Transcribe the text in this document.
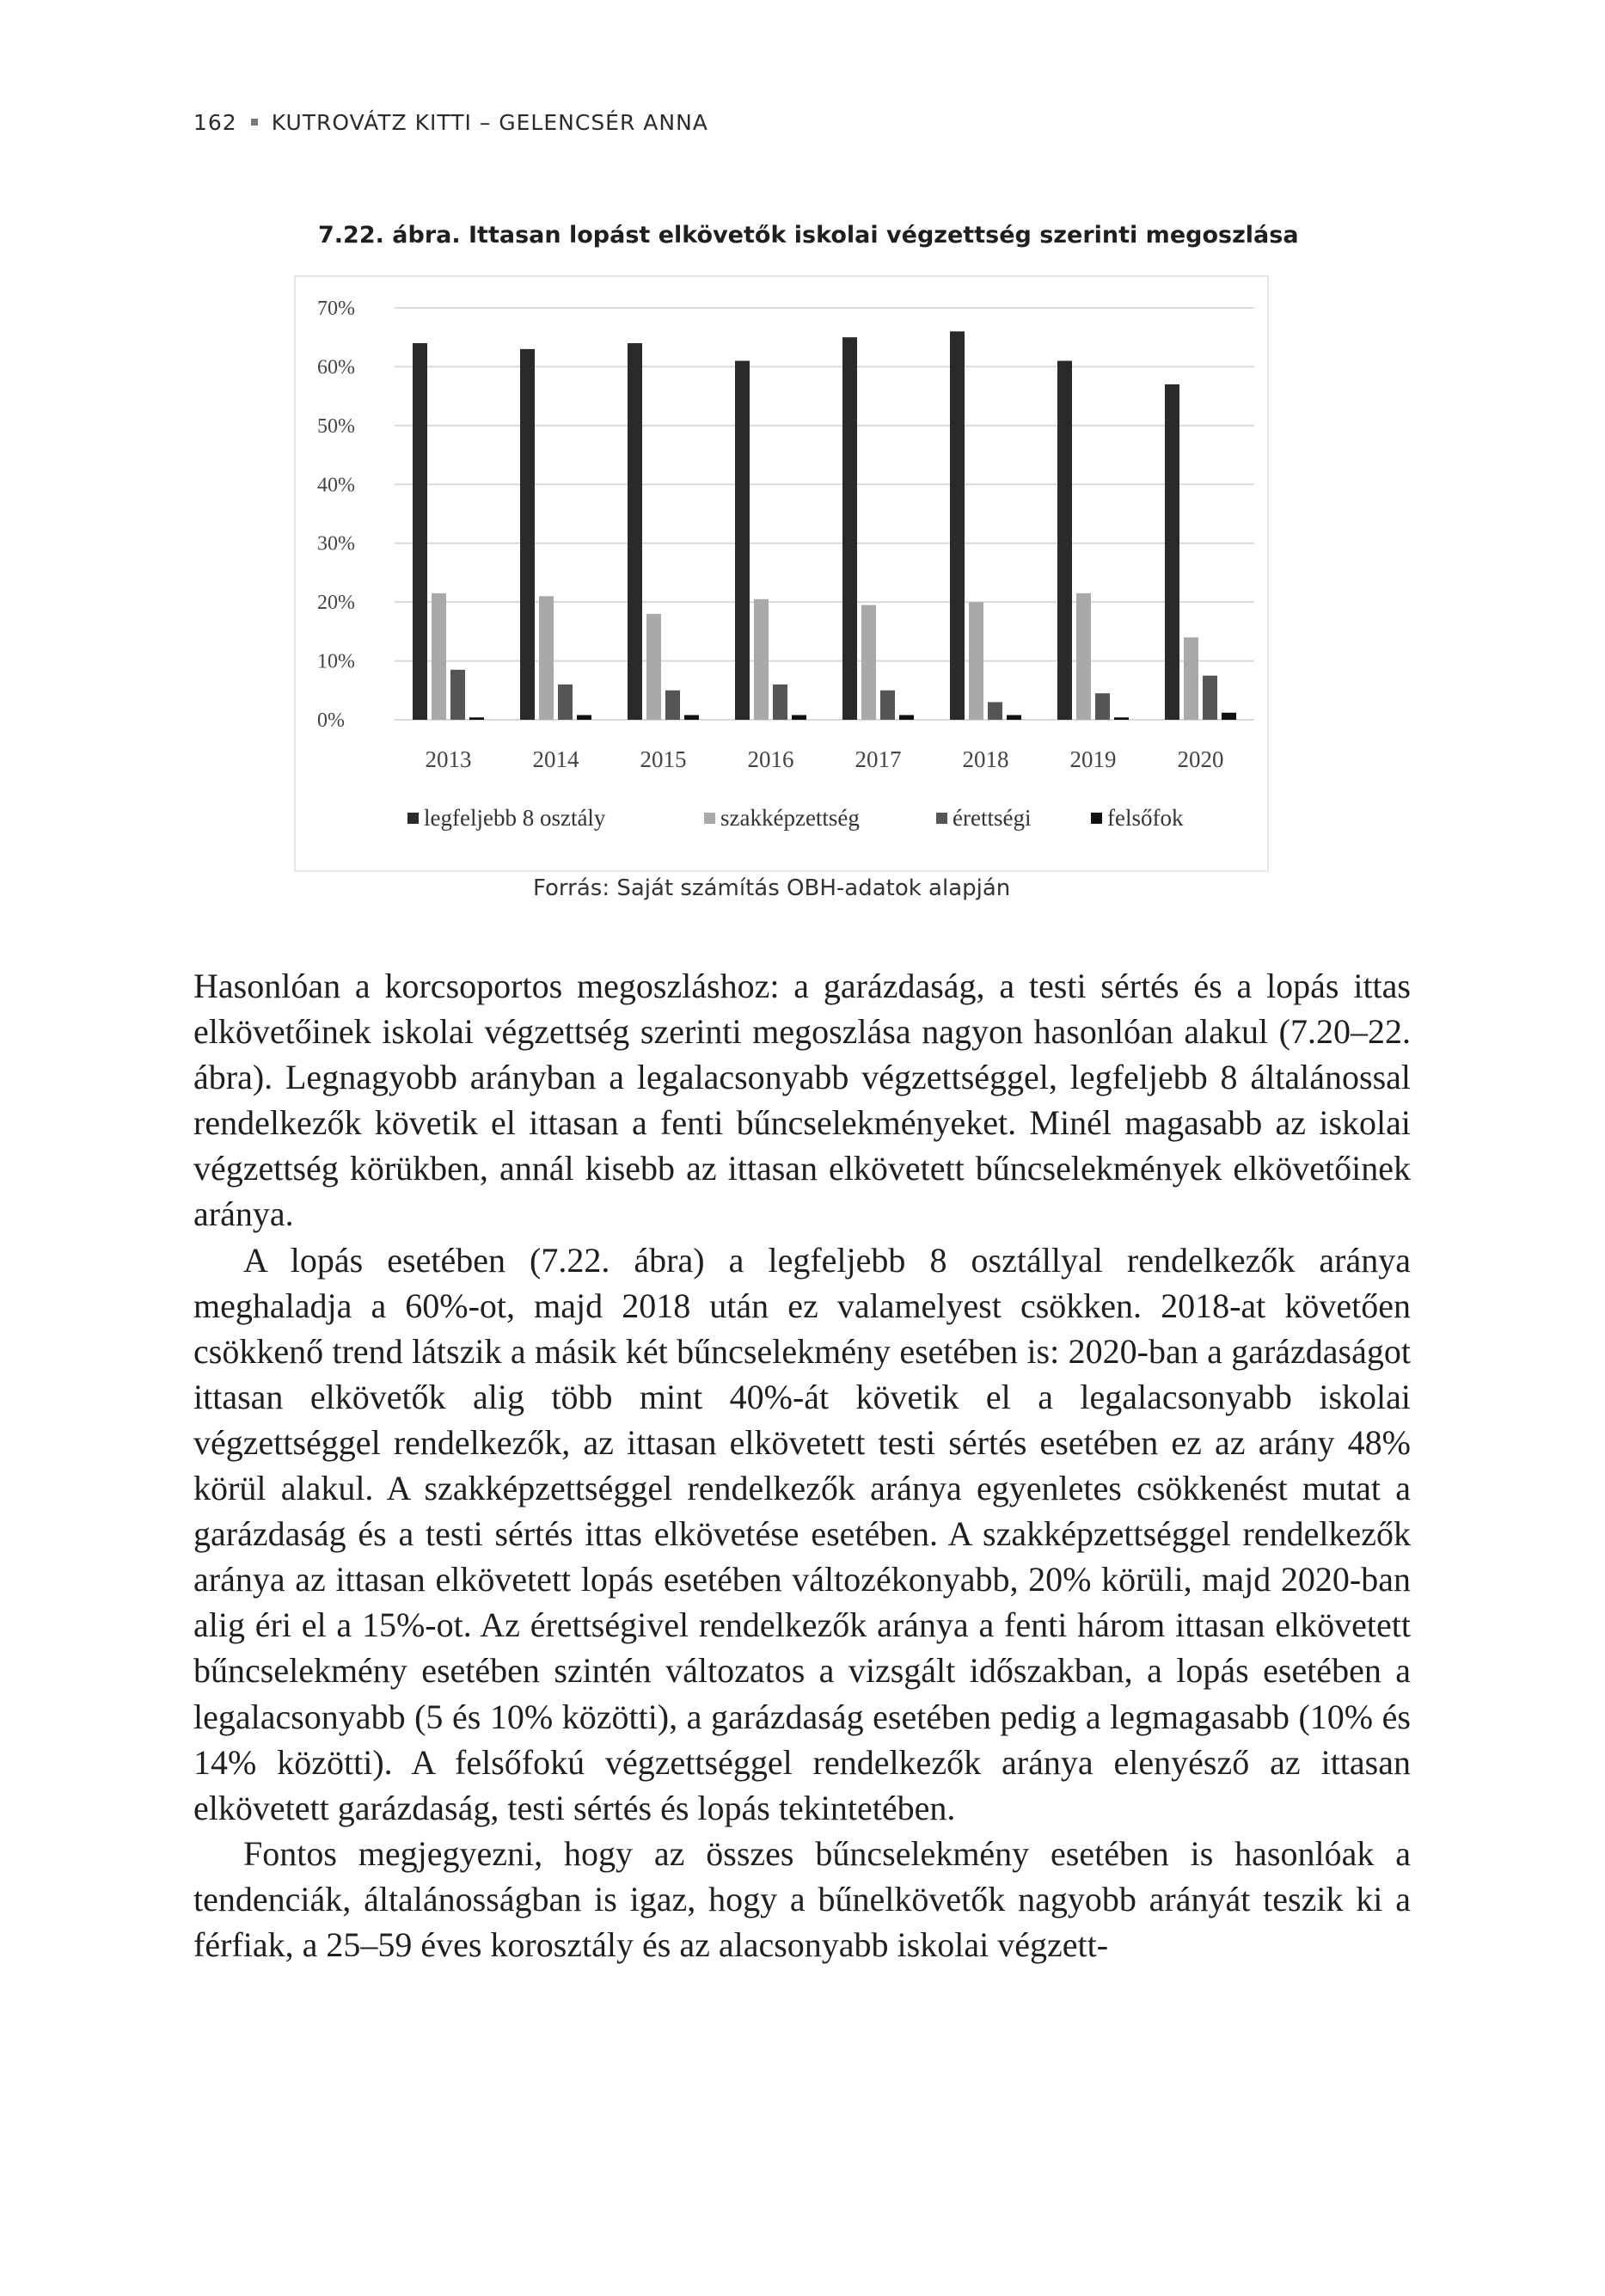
162 KUTROVÁTZ KITTI – GELENCSÉR ANNA
7.22. ábra. Ittasan lopást elkövetők iskolai végzettség szerinti megoszlása
0%
10%
20%
30%
40%
50%
60%
70%
2013	2014	2015	2016	2017	2018	2019	2020
legfeljebb 8 osztály	szakképzettség	érettségi	felsőfok
Forrás: Saját számítás OBH-adatok alapján

Hasonlóan a korcsoportos megoszláshoz: a garázdaság, a testi sértés és a lopás ittas elkövetőinek iskolai végzettség szerinti megoszlása nagyon hasonlóan alakul (7.20–22. ábra). Legnagyobb arányban a legalacsonyabb végzettséggel, legfeljebb 8 általánossal rendelkezők követik el ittasan a fenti bűncselekményeket. Minél magasabb az iskolai végzettség körükben, annál kisebb az ittasan elkövetett bűncselekmények elkövetőinek aránya.

A lopás esetében (7.22. ábra) a legfeljebb 8 osztállyal rendelkezők aránya meghaladja a 60%-ot, majd 2018 után ez valamelyest csökken. 2018-at követően csökkenő trend látszik a másik két bűncselekmény esetében is: 2020-ban a garázdaságot ittasan elkövetők alig több mint 40%-át követik el a legalacsonyabb iskolai végzettséggel rendelkezők, az ittasan elkövetett testi sértés esetében ez az arány 48% körül alakul. A szakképzettséggel rendelkezők aránya egyenletes csökkenést mutat a garázdaság és a testi sértés ittas elkövetése esetében. A szakképzettséggel rendelkezők aránya az ittasan elkövetett lopás esetében változékonyabb, 20% körüli, majd 2020-ban alig éri el a 15%-ot. Az érettségivel rendelkezők aránya a fenti három ittasan elkövetett bűncselekmény esetében szintén változatos a vizsgált időszakban, a lopás esetében a legalacsonyabb (5 és 10% közötti), a garázdaság esetében pedig a legmagasabb (10% és 14% közötti). A felsőfokú végzettséggel rendelkezők aránya elenyésző az ittasan elkövetett garázdaság, testi sértés és lopás tekintetében.

Fontos megjegyezni, hogy az összes bűncselekmény esetében is hasonlóak a tendenciák, általánosságban is igaz, hogy a bűnelkövetők nagyobb arányát teszik ki a férfiak, a 25–59 éves korosztály és az alacsonyabb iskolai végzett-
